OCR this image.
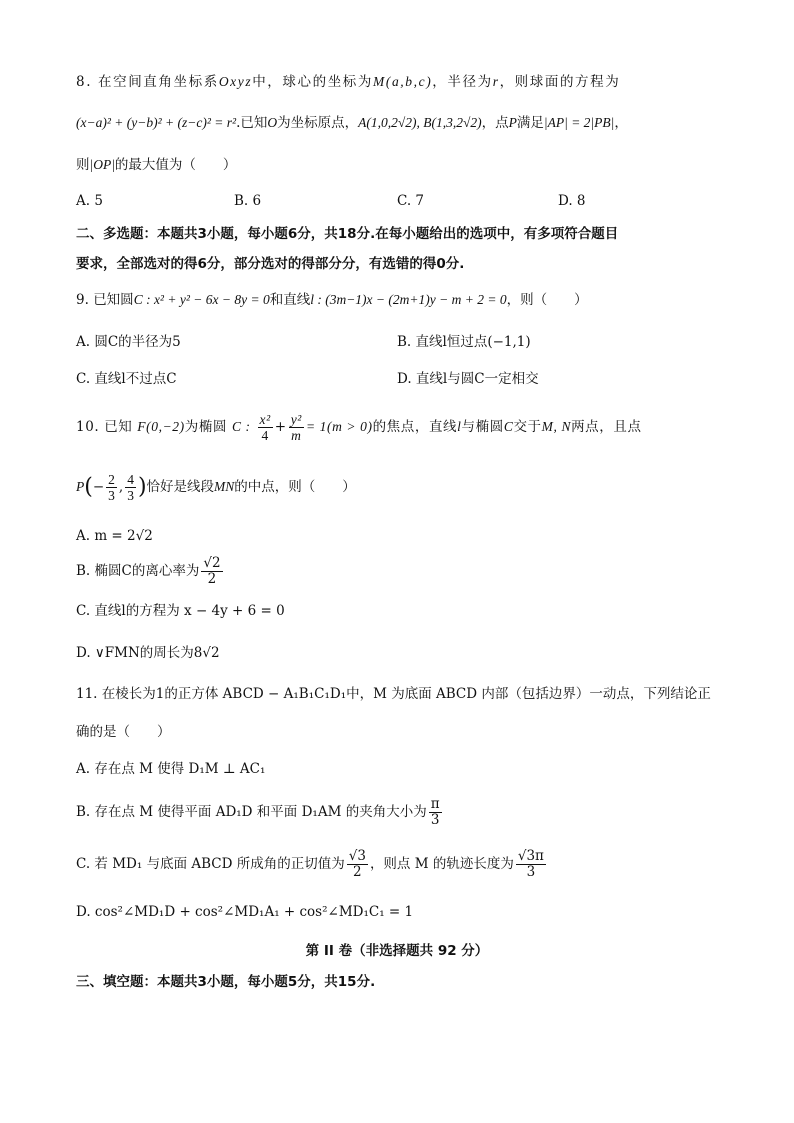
8. 在空间直角坐标系Oxyz中，球心的坐标为M(a,b,c)，半径为r，则球面的方程为
(x−a)² + (y−b)² + (z−c)² = r².已知O为坐标原点，A(1,0,2√2), B(1,3,2√2)，点P满足|AP| = 2|PB|，
则|OP|的最大值为（　　）
A. 5	B. 6	C. 7	D. 8
二、多选题：本题共3小题，每小题6分，共18分.在每小题给出的选项中，有多项符合题目
要求，全部选对的得6分，部分选对的得部分分，有选错的得0分.
9. 已知圆C : x² + y² − 6x − 8y = 0和直线l : (3m−1)x − (2m+1)y − m + 2 = 0，则（　　）
A. 圆C的半径为5	B. 直线l恒过点(−1,1)
C. 直线l不过点C	D. 直线l与圆C一定相交
10. 已知 F(0,−2)为椭圆 C : $\frac{\text{x²}}{4} + \frac{\text{y²}}{m} = 1(m > 0)$的焦点，直线l与椭圆C交于M, N两点，且点
$P(- \frac{2}{3}$ , $\frac{4}{3}$ )恰好是线段MN的中点，则（　　）
A. m = 2√2
B. 椭圆C的离心率为 $\frac{√2}{2}$
C. 直线l的方程为 x − 4y + 6 = 0
D. ∨FMN的周长为8√2
11. 在棱长为1的正方体 ABCD − A₁B₁C₁D₁中，M 为底面 ABCD 内部（包括边界）一动点，下列结论正
确的是（　　）
A. 存在点 M 使得 D₁M ⊥ AC₁
B. 存在点 M 使得平面 AD₁D 和平面 D₁AM 的夹角大小为 $\frac{\pi}{3}$
C. 若 MD₁ 与底面 ABCD 所成角的正切值为 $\frac{√3}{2}$ ，则点 M 的轨迹长度为 $\frac{√3\pi}{3}$
D. cos²∠MD₁D + cos²∠MD₁A₁ + cos²∠MD₁C₁ = 1
第 II 卷（非选择题共 92 分）
三、填空题：本题共3小题，每小题5分，共15分.
